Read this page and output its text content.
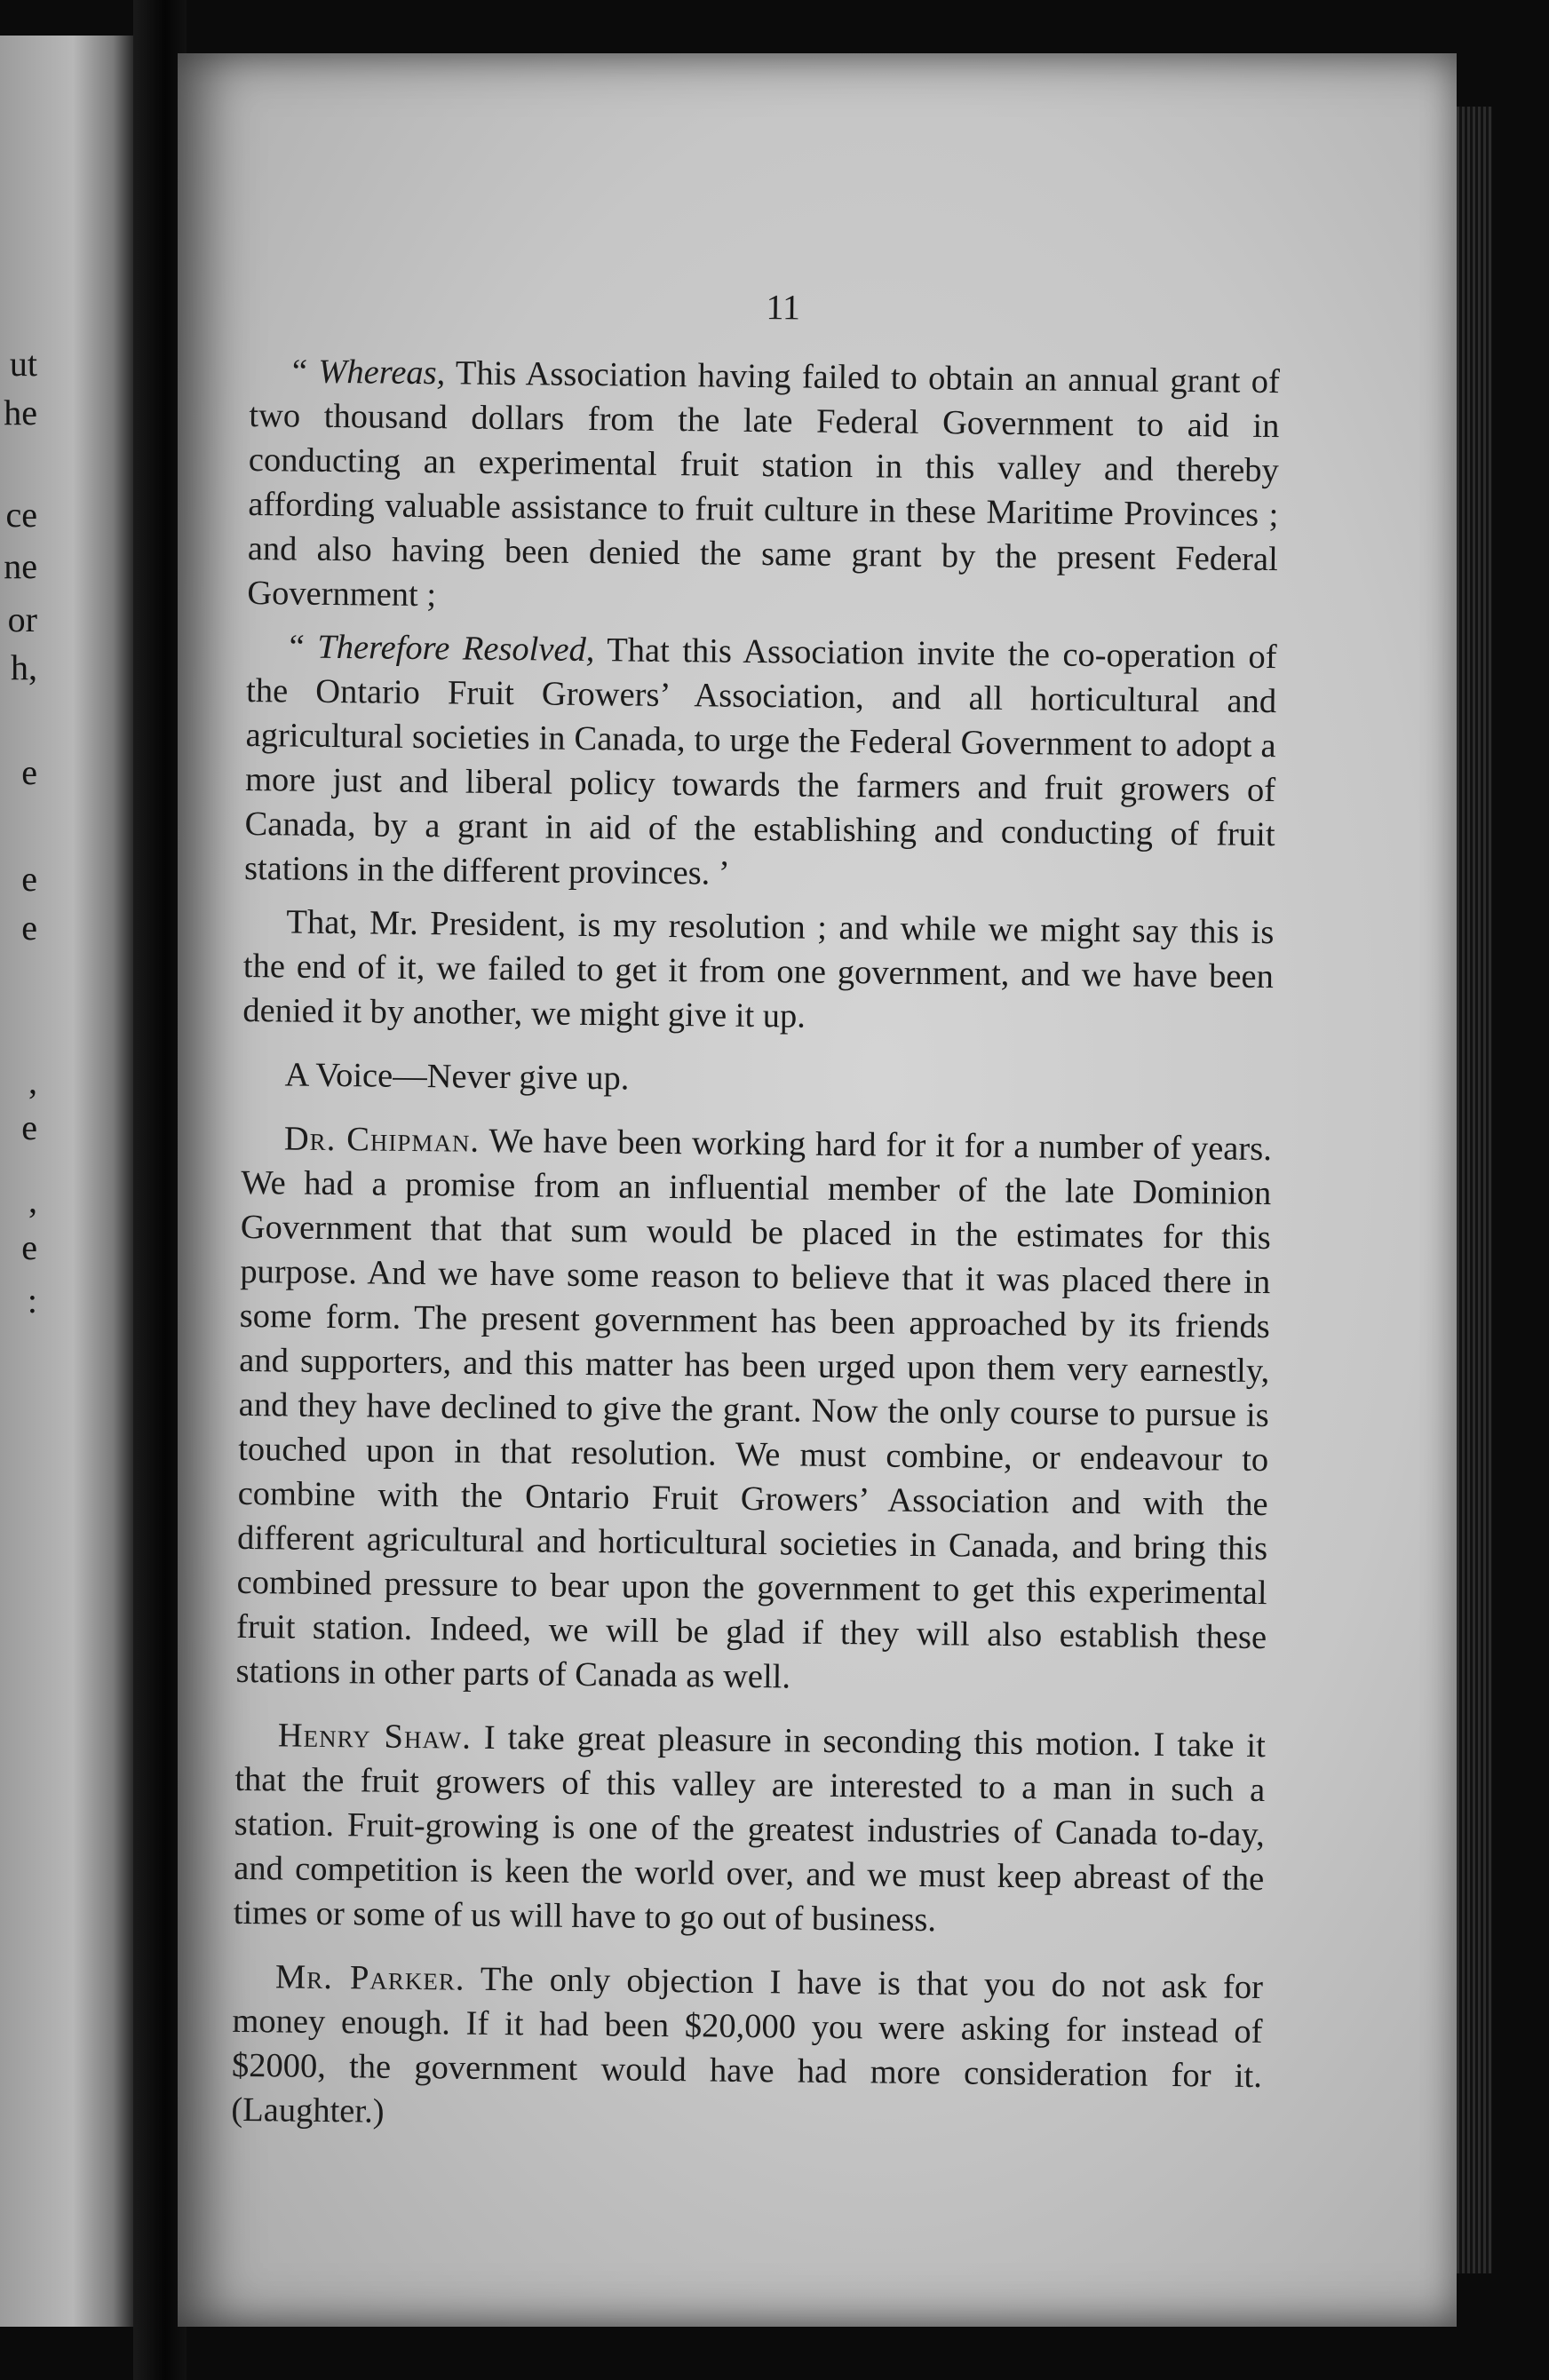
ut
he
ce
ne
or
h,
e
e
e
,
e
,
e
:
11

“ Whereas, This Association having failed to obtain an annual grant of two thousand dollars from the late Federal Government to aid in conducting an experimental fruit station in this valley and thereby affording valuable assistance to fruit culture in these Maritime Provinces ; and also having been denied the same grant by the present Federal Government ;

“ Therefore Resolved, That this Association invite the co-operation of the Ontario Fruit Growers’ Association, and all horticultural and agricultural societies in Canada, to urge the Federal Government to adopt a more just and liberal policy towards the farmers and fruit growers of Canada, by a grant in aid of the establishing and conducting of fruit stations in the different provinces. ’

That, Mr. President, is my resolution ; and while we might say this is the end of it, we failed to get it from one government, and we have been denied it by another, we might give it up.

A Voice—Never give up.

Dr. Chipman. We have been working hard for it for a number of years. We had a promise from an influential member of the late Dominion Government that that sum would be placed in the estimates for this purpose. And we have some reason to believe that it was placed there in some form. The present government has been approached by its friends and supporters, and this matter has been urged upon them very earnestly, and they have declined to give the grant. Now the only course to pursue is touched upon in that resolution. We must combine, or endeavour to combine with the Ontario Fruit Growers’ Association and with the different agricultural and horticultural societies in Canada, and bring this combined pressure to bear upon the government to get this experimental fruit station. Indeed, we will be glad if they will also establish these stations in other parts of Canada as well.

Henry Shaw. I take great pleasure in seconding this motion. I take it that the fruit growers of this valley are interested to a man in such a station. Fruit-growing is one of the greatest industries of Canada to-day, and competition is keen the world over, and we must keep abreast of the times or some of us will have to go out of business.

Mr. Parker. The only objection I have is that you do not ask for money enough. If it had been $20,000 you were asking for instead of $2000, the government would have had more consideration for it. (Laughter.)
